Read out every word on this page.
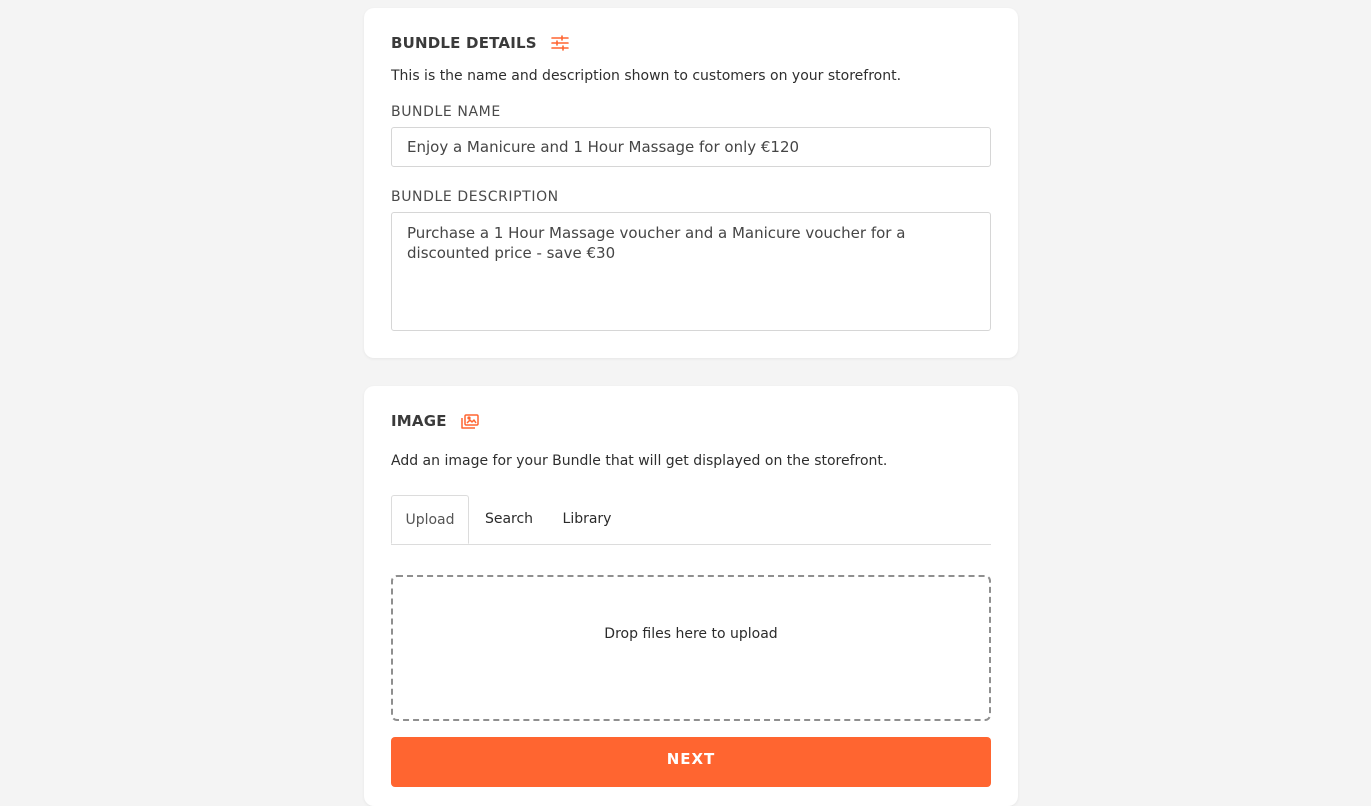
BUNDLE DETAILS
This is the name and description shown to customers on your storefront.
BUNDLE NAME
Enjoy a Manicure and 1 Hour Massage for only €120
BUNDLE DESCRIPTION
Purchase a 1 Hour Massage voucher and a Manicure voucher for a discounted price - save €30
IMAGE
Add an image for your Bundle that will get displayed on the storefront.
Upload	Search	Library
Drop files here to upload
NEXT
